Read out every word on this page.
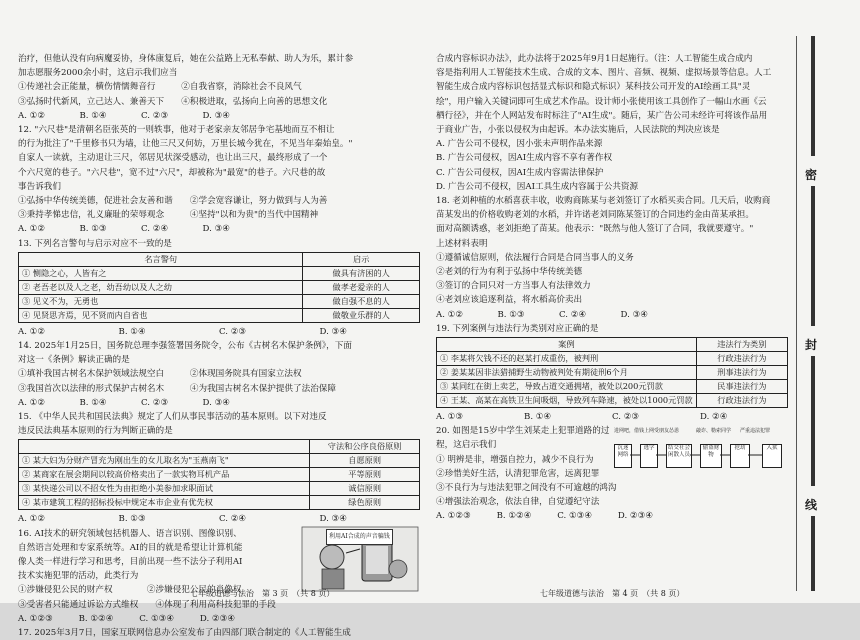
治疗，但他认没有向病魔妥协，身体康复后，她在公益路上无私奉献、助人为乐，累计参
加志愿服务2000余小时，这启示我们应当
①传递社会正能量，横伤情懦舞音行　　　②自我省察，消除社会不良风气
③弘扬时代新风，立己达人、兼善天下　　④积极进取，弘扬向上向善的思想文化
A. ①②　　　　B. ①④　　　　C. ②③　　　　D. ③④
12. "六尺巷"是清朝名臣张英的一则轶事，他对于老家亲友邻居争宅基地而互不相让
的行为批注了"千里修书只为墙，让他三尺又何妨，万里长城今犹在，不见当年秦始皇。"
自家人一读就，主动退让三尺，邻居见状深受感动，也让出三尺，最终形成了一个
个六尺宽的巷子。"六尺巷"，宽不过"六尺"，却被称为"最宽"的巷子。六尺巷的故
事告诉我们
①弘扬中华传统美德，促进社会友善和谐　　②学会宽容谦让，努力做到与人为善
③秉持孝悌忠信，礼义廉耻的荣辱观念　　　④坚持"以和为贵"的当代中国精神
A. ①②　　　　B. ①③　　　　C. ②④　　　　D. ③④
13. 下列名言警句与启示对应不一致的是
名言警句	启示
① 恻隐之心，人皆有之	做具有济困的人
② 老吾老以及人之老，幼吾幼以及人之幼	做孝老爱亲的人
③ 见义不为，无勇也	做自强不息的人
④ 见贤思齐焉，见不贤而内自省也	做敬业乐群的人
A. ①②	B. ①④	C. ②③	D. ③④
14. 2025年1月25日，国务院总理李强签署国务院令，公布《古树名木保护条例》，下面
对这一《条例》解读正确的是
①填补我国古树名木保护领域法规空白　　　②体现国务院具有国家立法权
③我国首次以法律的形式保护古树名木　　　④为我国古树名木保护提供了法治保障
A. ①②　　　　B. ①④　　　　C. ②③　　　　D. ③④
15. 《中华人民共和国民法典》规定了人们从事民事活动的基本原则。以下对违反
违反民法典基本原则的行为判断正确的是
	守法和公序良俗原则
① 某大妇为分财产冒充为刚出生的女儿取名为"玉燕南飞"	自愿原则
② 某商家在展会期间以较高价格卖出了一款实物耳机产品	平等原则
③ 某快递公司以不招女性为由拒绝小美参加求职面试	诚信原则
④ 某市建筑工程的招标投标中规定本市企业有优先权	绿色原则
A. ①②	B. ①③	C. ②④	D. ③④
16. AI技术的研究领域包括机器人、语言识别、图像识别、
自然语言处理和专家系统等。AI的目的就是希望让计算机能
像人类一样进行学习和思考，目前出现一些不法分子利用AI
技术实施犯罪的活动，此类行为
①涉嫌侵犯公民的财产权　　　　②涉嫌侵犯公民的肖像权
③受害者只能通过诉讼方式维权　　④体现了利用高科技犯罪的手段
A. ①②③　　　B. ①②④　　　C. ①③④　　　D. ②③④
17. 2025年3月7日，国家互联网信息办公室发布了由四部门联合制定的《人工智能生成
利用AI合成的声音骗钱
七年级道德与法治　第 3 页　（共 8 页）
合成内容标识办法》，此办法将于2025年9月1日起施行。（注：人工智能生成合成内
容是指利用人工智能技术生成、合成的文本、图片、音频、视频、虚拟场景等信息。人工
智能生成合成内容标识包括显式标识和隐式标识）某科技公司开发的AI绘画工具"灵
绘"，用户输入关键词即可生成艺术作品。设计师小张使用该工具创作了一幅山水画《云
栖行径》，并在个人网站发布时标注了"AI生成"。随后，某广告公司未经许可将该作品用
于商业广告，小张以侵权为由起诉。本办法实施后，人民法院的判决应该是
A. 广告公司不侵权，因小张未声明作品来源
B. 广告公司侵权，因AI生成内容不享有著作权
C. 广告公司侵权，因AI生成内容需法律保护
D. 广告公司不侵权，因AI工具生成内容属于公共资源
18. 老刘种植的水稻喜获丰收，收购商陈某与老刘签订了水稻买卖合同。几天后，收购商
苗某发出的价格收购老刘的水稻，并许诺老刘同陈某签订的合同违约金由苗某承担。
面对高额诱惑，老刘拒绝了苗某。他表示："既然与他人签订了合同，我就要遵守。"
上述材料表明
①遵循诚信原则，依法履行合同是合同当事人的义务
②老刘的行为有利于弘扬中华传统美德
③签订的合同只对一方当事人有法律效力
④老刘应该追逐利益，将水稻高价卖出
A. ①②　　　　B. ①③　　　　C. ②④　　　　D. ③④
19. 下列案例与违法行为类别对应正确的是
案例	违法行为类别
① 李某将欠钱不还的赵某打成重伤，被判刑	行政违法行为
② 姜某某因非法猎捕野生动物被判处有期徒刑6个月	刑事违法行为
③ 某同红在街上卖艺，导致占道交通拥堵，被处以200元罚款	民事违法行为
④ 王某、高某在高铁卫生间吸烟，导致列车降速，被处以1000元罚款	行政违法行为
A. ①③	B. ①④	C. ②③	D. ②④
20. 如图是15岁中学生刘某走上犯罪道路的过
程，这启示我们
① 明辨是非，增强自控力，减少不良行为
②珍惜美好生活，认清犯罪危害，远离犯罪
③不良行为与违法犯罪之间没有不可逾越的鸿沟
④增强法治观念，依法自律，自觉遵纪守法
A. ①②③　　　B. ①②④　　　C. ①③④　　　D. ②③④
沉迷网络
逃学	结交社会闲散人员
偷盗财物
抢劫	入狱
进网吧，借钱上网 受朋友怂恿	敲诈、勒索同学 严重违法犯罪
七年级道德与法治　第 4 页　（共 8 页）
密
封
线
